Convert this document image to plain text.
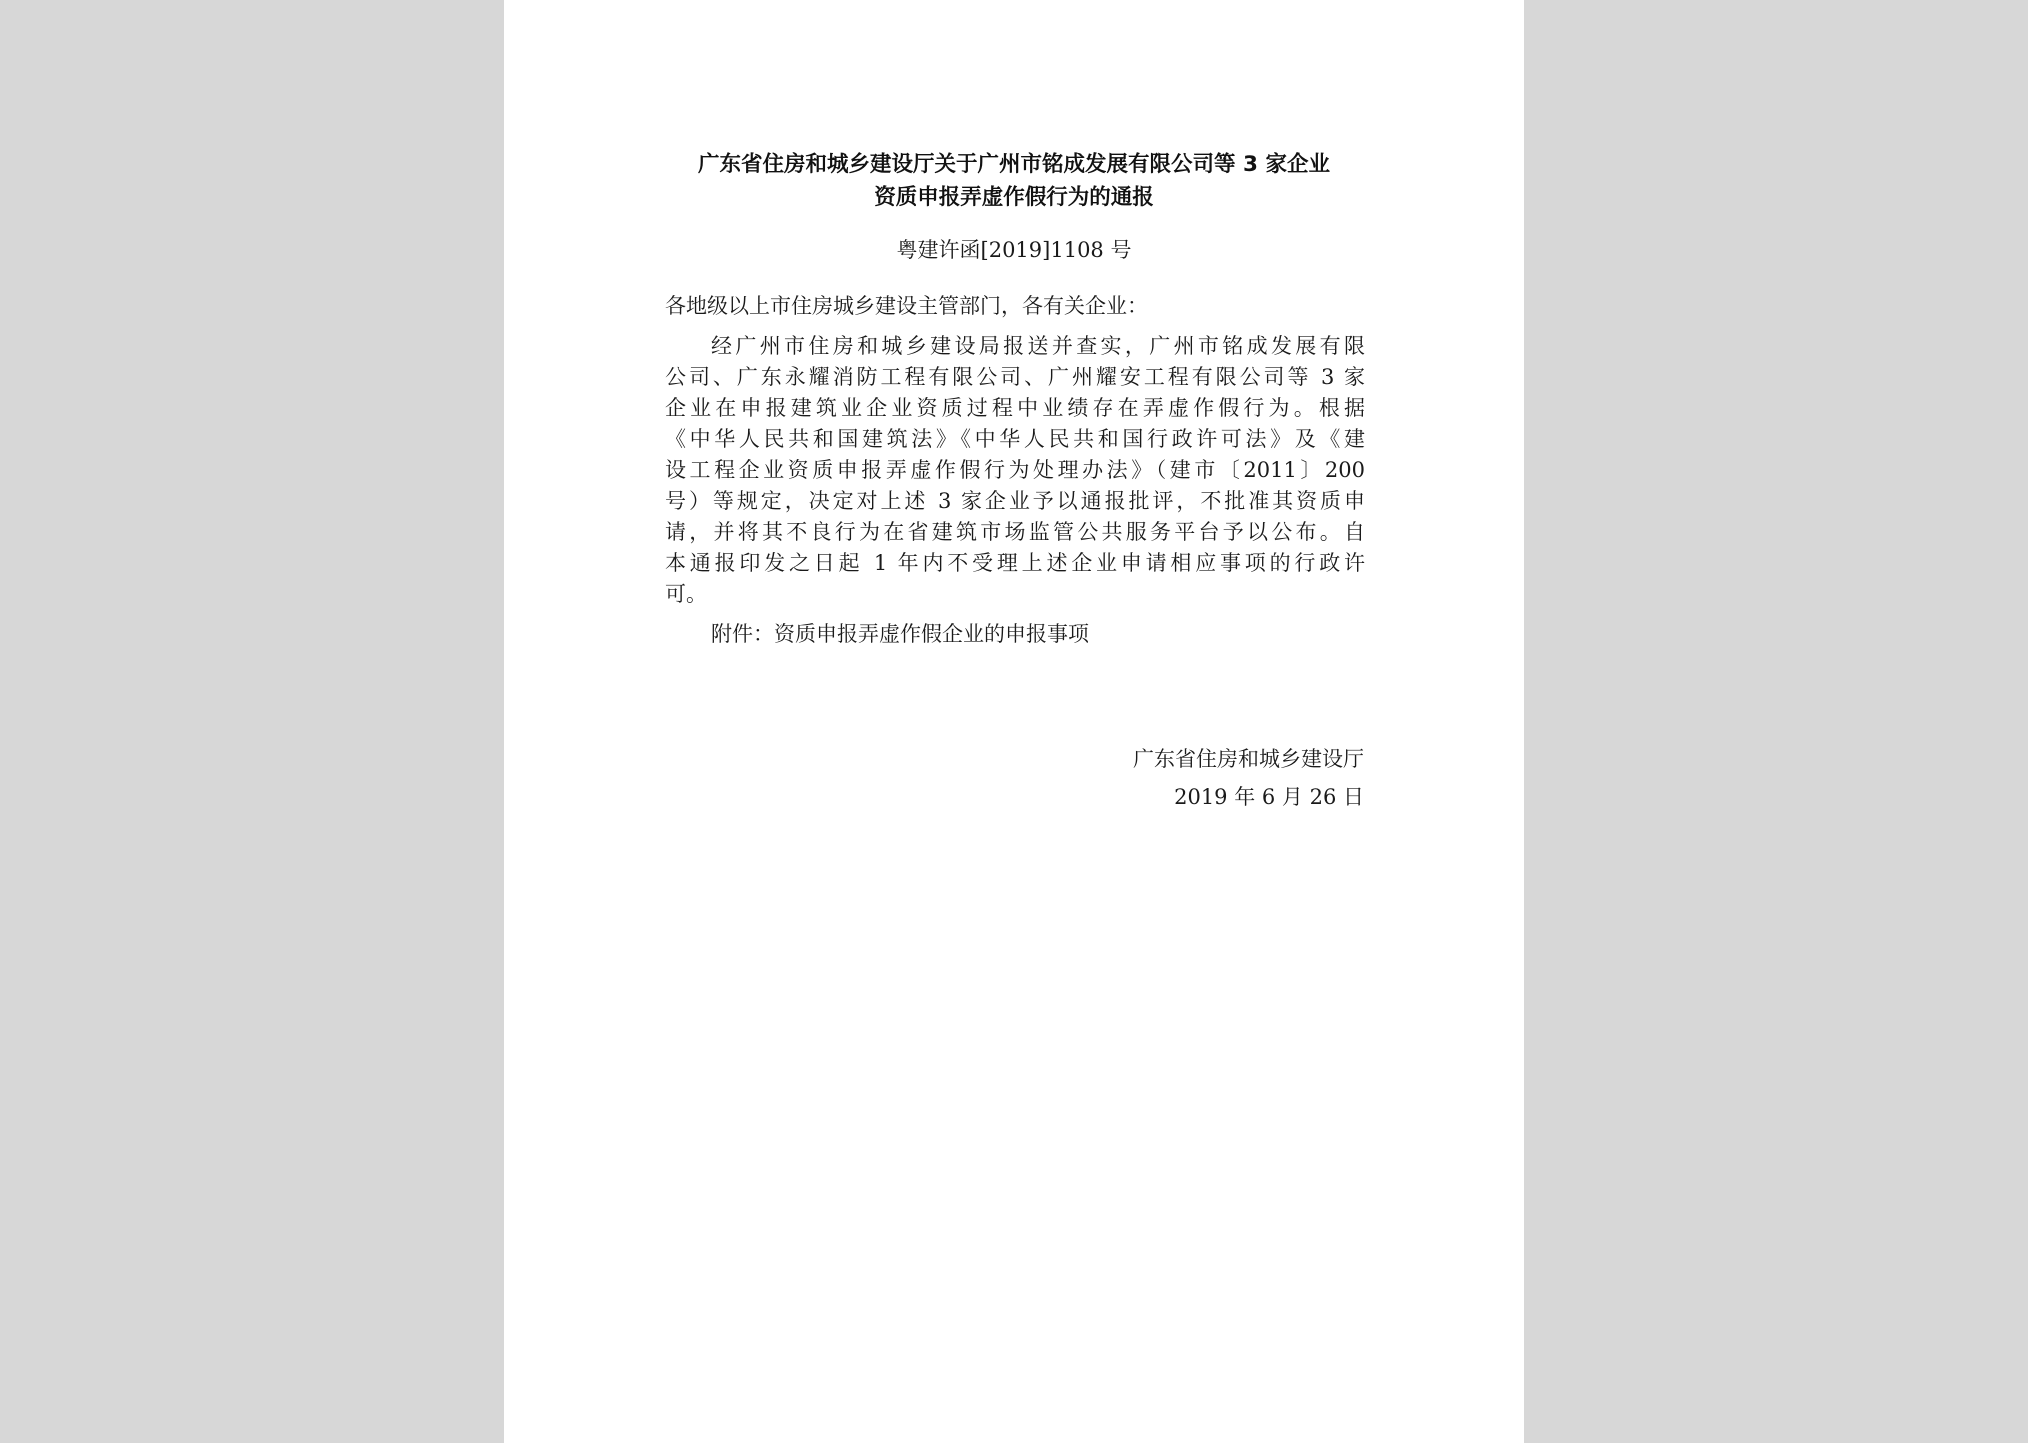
广东省住房和城乡建设厅关于广州市铭成发展有限公司等 3 家企业
资质申报弄虚作假行为的通报
粤建许函[2019]1108 号
各地级以上市住房城乡建设主管部门，各有关企业：
经广州市住房和城乡建设局报送并查实，广州市铭成发展有限
公司、广东永耀消防工程有限公司、广州耀安工程有限公司等 3 家
企业在申报建筑业企业资质过程中业绩存在弄虚作假行为。根据
《中华人民共和国建筑法》《中华人民共和国行政许可法》及《建
设工程企业资质申报弄虚作假行为处理办法》（建市〔2011〕200
号）等规定，决定对上述 3 家企业予以通报批评，不批准其资质申
请，并将其不良行为在省建筑市场监管公共服务平台予以公布。自
本通报印发之日起 1 年内不受理上述企业申请相应事项的行政许
可。
附件：资质申报弄虚作假企业的申报事项
广东省住房和城乡建设厅
2019 年 6 月 26 日
